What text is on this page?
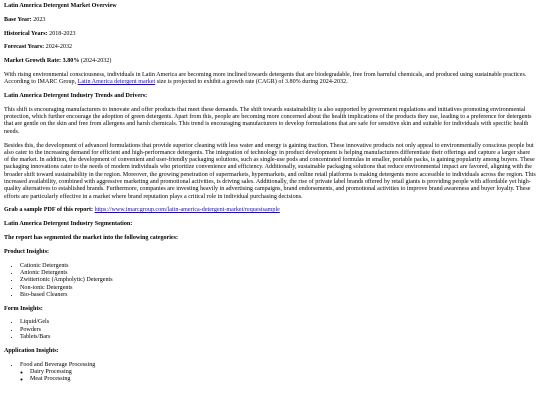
Latin America Detergent Market Overview
Base Year: 2023
Historical Years: 2018-2023
Forecast Years: 2024-2032
Market Growth Rate: 3.80% (2024-2032)

With rising environmental consciousness, individuals in Latin America are becoming more inclined towards detergents that are biodegradable, free from harmful chemicals, and produced using sustainable practices. According to IMARC Group, Latin America detergent market size is projected to exhibit a growth rate (CAGR) of 3.80% during 2024-2032.

Latin America Detergent Industry Trends and Drivers:

This shift is encouraging manufacturers to innovate and offer products that meet these demands. The shift towards sustainability is also supported by government regulations and initiatives promoting environmental protection, which further encourage the adoption of green detergents. Apart from this, people are becoming more concerned about the health implications of the products they use, leading to a preference for detergents that are gentle on the skin and free from allergens and harsh chemicals. This trend is encouraging manufacturers to develop formulations that are safe for sensitive skin and suitable for individuals with specific health needs.

Besides this, the development of advanced formulations that provide superior cleaning with less water and energy is gaining traction. These innovative products not only appeal to environmentally conscious people but also cater to the increasing demand for efficient and high-performance detergents. The integration of technology in product development is helping manufacturers differentiate their offerings and capture a larger share of the market. In addition, the development of convenient and user-friendly packaging solutions, such as single-use pods and concentrated formulas in smaller, portable packs, is gaining popularity among buyers. These packaging innovations cater to the needs of modern individuals who prioritize convenience and efficiency. Additionally, sustainable packaging solutions that reduce environmental impact are favored, aligning with the broader shift toward sustainability in the region. Moreover, the growing penetration of supermarkets, hypermarkets, and online retail platforms is making detergents more accessible to individuals across the region. This increased availability, combined with aggressive marketing and promotional activities, is driving sales. Additionally, the rise of private label brands offered by retail giants is providing people with affordable yet high-quality alternatives to established brands. Furthermore, companies are investing heavily in advertising campaigns, brand endorsements, and promotional activities to improve brand awareness and buyer loyalty. These efforts are particularly effective in a market where brand reputation plays a critical role in individual purchasing decisions.

Grab a sample PDF of this report: https://www.imarcgroup.com/latin-america-detergent-market/requestsample
Latin America Detergent Industry Segmentation:
The report has segmented the market into the following categories:
Product Insights:
• Cationic Detergents
• Anionic Detergents
• Zwitterionic (Ampholytic) Detergents
• Non-ionic Detergents
• Bio-based Cleaners
Form Insights:
• Liquid/Gels
• Powders
• Tablets/Bars
Application Insights:
• Food and Beverage Processing
◦ Dairy Processing
◦ Meat Processing
